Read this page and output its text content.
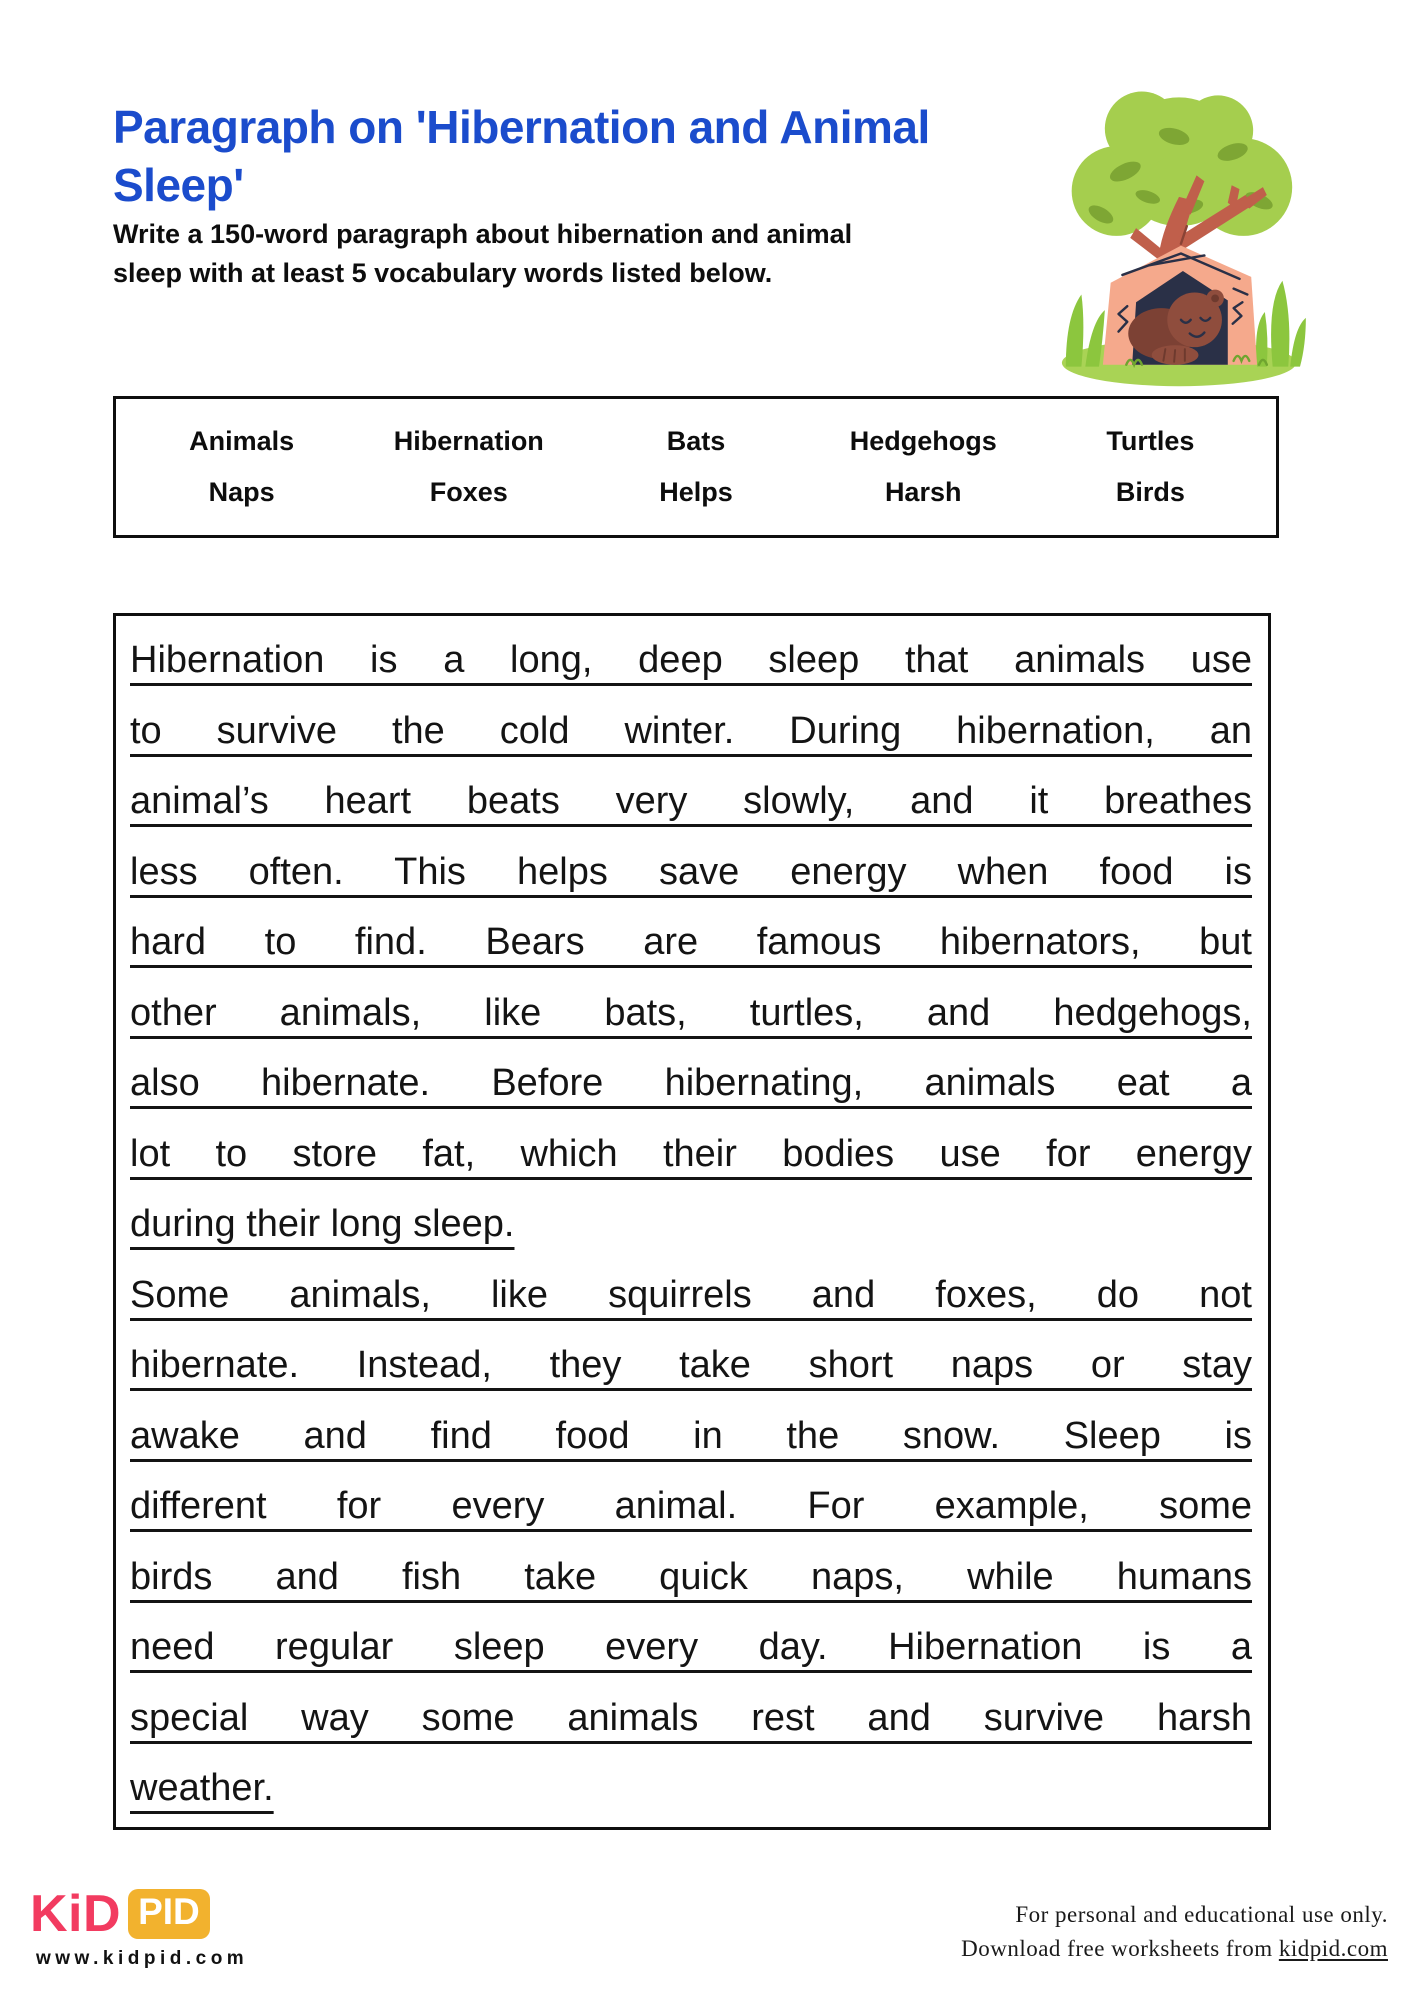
Paragraph on 'Hibernation and Animal
Sleep'
Write a 150-word paragraph about hibernation and animal
sleep with at least 5 vocabulary words listed below.
Animals	Hibernation	Bats	Hedgehogs	Turtles
Naps	Foxes	Helps	Harsh	Birds
Hibernation is a long, deep sleep that animals use
to survive the cold winter. During hibernation, an
animal’s heart beats very slowly, and it breathes
less often. This helps save energy when food is
hard to find. Bears are famous hibernators, but
other animals, like bats, turtles, and hedgehogs,
also hibernate. Before hibernating, animals eat a
lot to store fat, which their bodies use for energy
during their long sleep.
Some animals, like squirrels and foxes, do not
hibernate. Instead, they take short naps or stay
awake and find food in the snow. Sleep is
different for every animal. For example, some
birds and fish take quick naps, while humans
need regular sleep every day. Hibernation is a
special way some animals rest and survive harsh
weather.
KiD PID
www.kidpid.com
For personal and educational use only.
Download free worksheets from kidpid.com
